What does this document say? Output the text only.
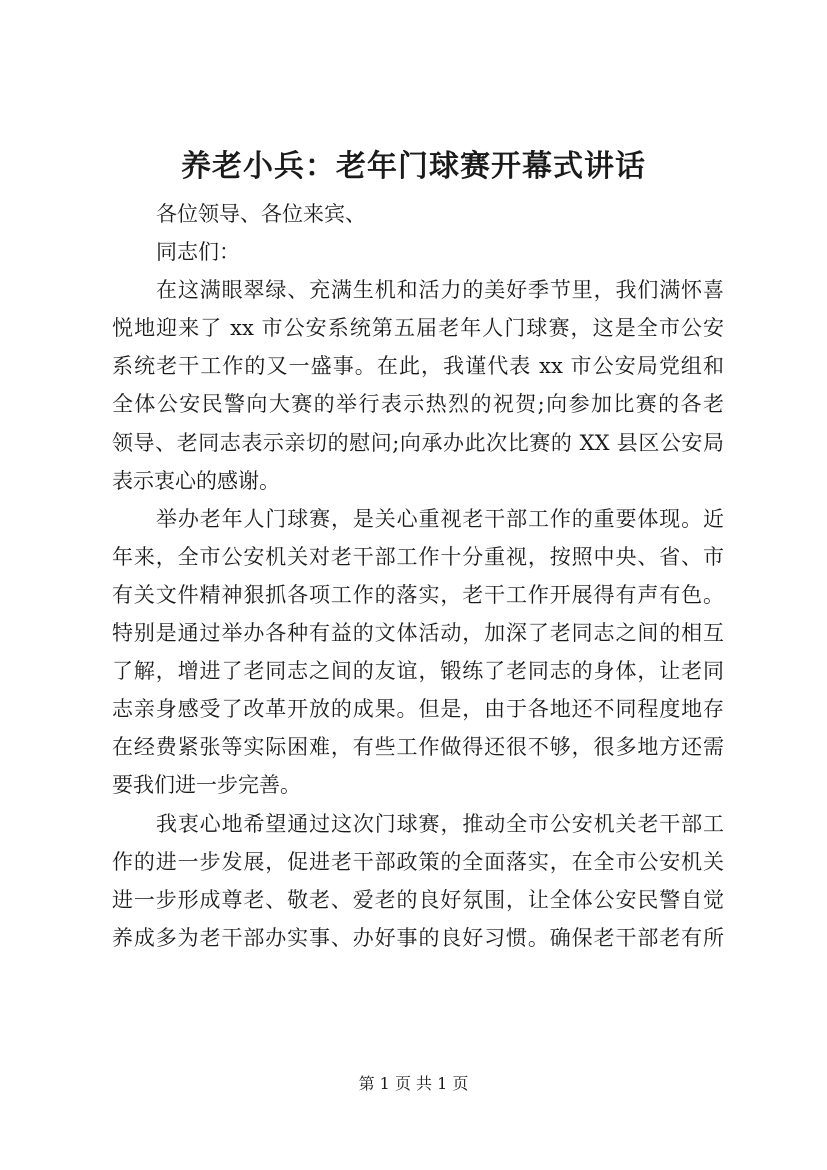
养老小兵：老年门球赛开幕式讲话
各位领导、各位来宾、
同志们：
在这满眼翠绿、充满生机和活力的美好季节里，我们满怀喜
悦地迎来了 xx 市公安系统第五届老年人门球赛，这是全市公安
系统老干工作的又一盛事。在此，我谨代表 xx 市公安局党组和
全体公安民警向大赛的举行表示热烈的祝贺;向参加比赛的各老
领导、老同志表示亲切的慰问;向承办此次比赛的 XX 县区公安局
表示衷心的感谢。
举办老年人门球赛，是关心重视老干部工作的重要体现。近
年来，全市公安机关对老干部工作十分重视，按照中央、省、市
有关文件精神狠抓各项工作的落实，老干工作开展得有声有色。
特别是通过举办各种有益的文体活动，加深了老同志之间的相互
了解，增进了老同志之间的友谊，锻练了老同志的身体，让老同
志亲身感受了改革开放的成果。但是，由于各地还不同程度地存
在经费紧张等实际困难，有些工作做得还很不够，很多地方还需
要我们进一步完善。
我衷心地希望通过这次门球赛，推动全市公安机关老干部工
作的进一步发展，促进老干部政策的全面落实，在全市公安机关
进一步形成尊老、敬老、爱老的良好氛围，让全体公安民警自觉
养成多为老干部办实事、办好事的良好习惯。确保老干部老有所
第 1 页 共 1 页
